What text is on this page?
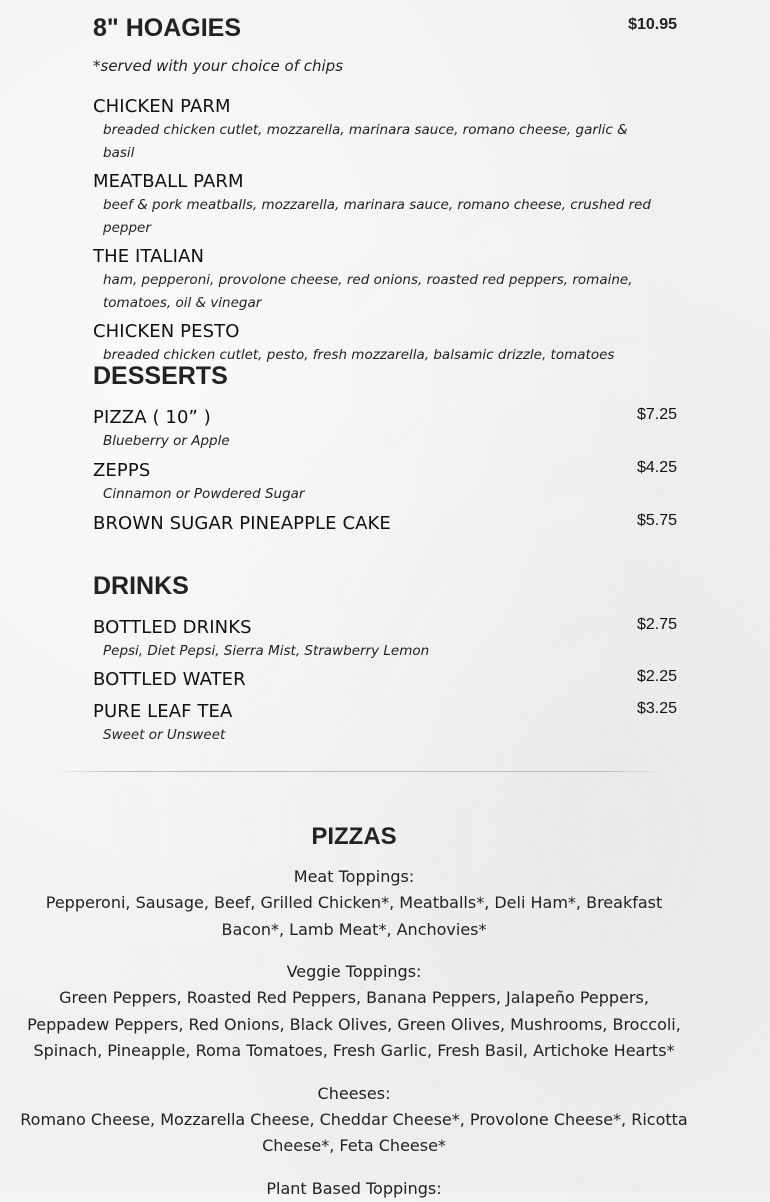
8" HOAGIES	$10.95
*served with your choice of chips
CHICKEN PARM
breaded chicken cutlet, mozzarella, marinara sauce, romano cheese, garlic & basil
MEATBALL PARM
beef & pork meatballs, mozzarella, marinara sauce, romano cheese, crushed red pepper
THE ITALIAN
ham, pepperoni, provolone cheese, red onions, roasted red peppers, romaine, tomatoes, oil & vinegar
CHICKEN PESTO
breaded chicken cutlet, pesto, fresh mozzarella, balsamic drizzle, tomatoes
DESSERTS
PIZZA ( 10” )	$7.25
Blueberry or Apple
ZEPPS	$4.25
Cinnamon or Powdered Sugar
BROWN SUGAR PINEAPPLE CAKE	$5.75
DRINKS
BOTTLED DRINKS	$2.75
Pepsi, Diet Pepsi, Sierra Mist, Strawberry Lemon
BOTTLED WATER	$2.25
PURE LEAF TEA	$3.25
Sweet or Unsweet
PIZZAS
Meat Toppings:
Pepperoni, Sausage, Beef, Grilled Chicken*, Meatballs*, Deli Ham*, Breakfast Bacon*, Lamb Meat*, Anchovies*
Veggie Toppings:
Green Peppers, Roasted Red Peppers, Banana Peppers, Jalapeño Peppers, Peppadew Peppers, Red Onions, Black Olives, Green Olives, Mushrooms, Broccoli, Spinach, Pineapple, Roma Tomatoes, Fresh Garlic, Fresh Basil, Artichoke Hearts*
Cheeses:
Romano Cheese, Mozzarella Cheese, Cheddar Cheese*, Provolone Cheese*, Ricotta Cheese*, Feta Cheese*
Plant Based Toppings:
